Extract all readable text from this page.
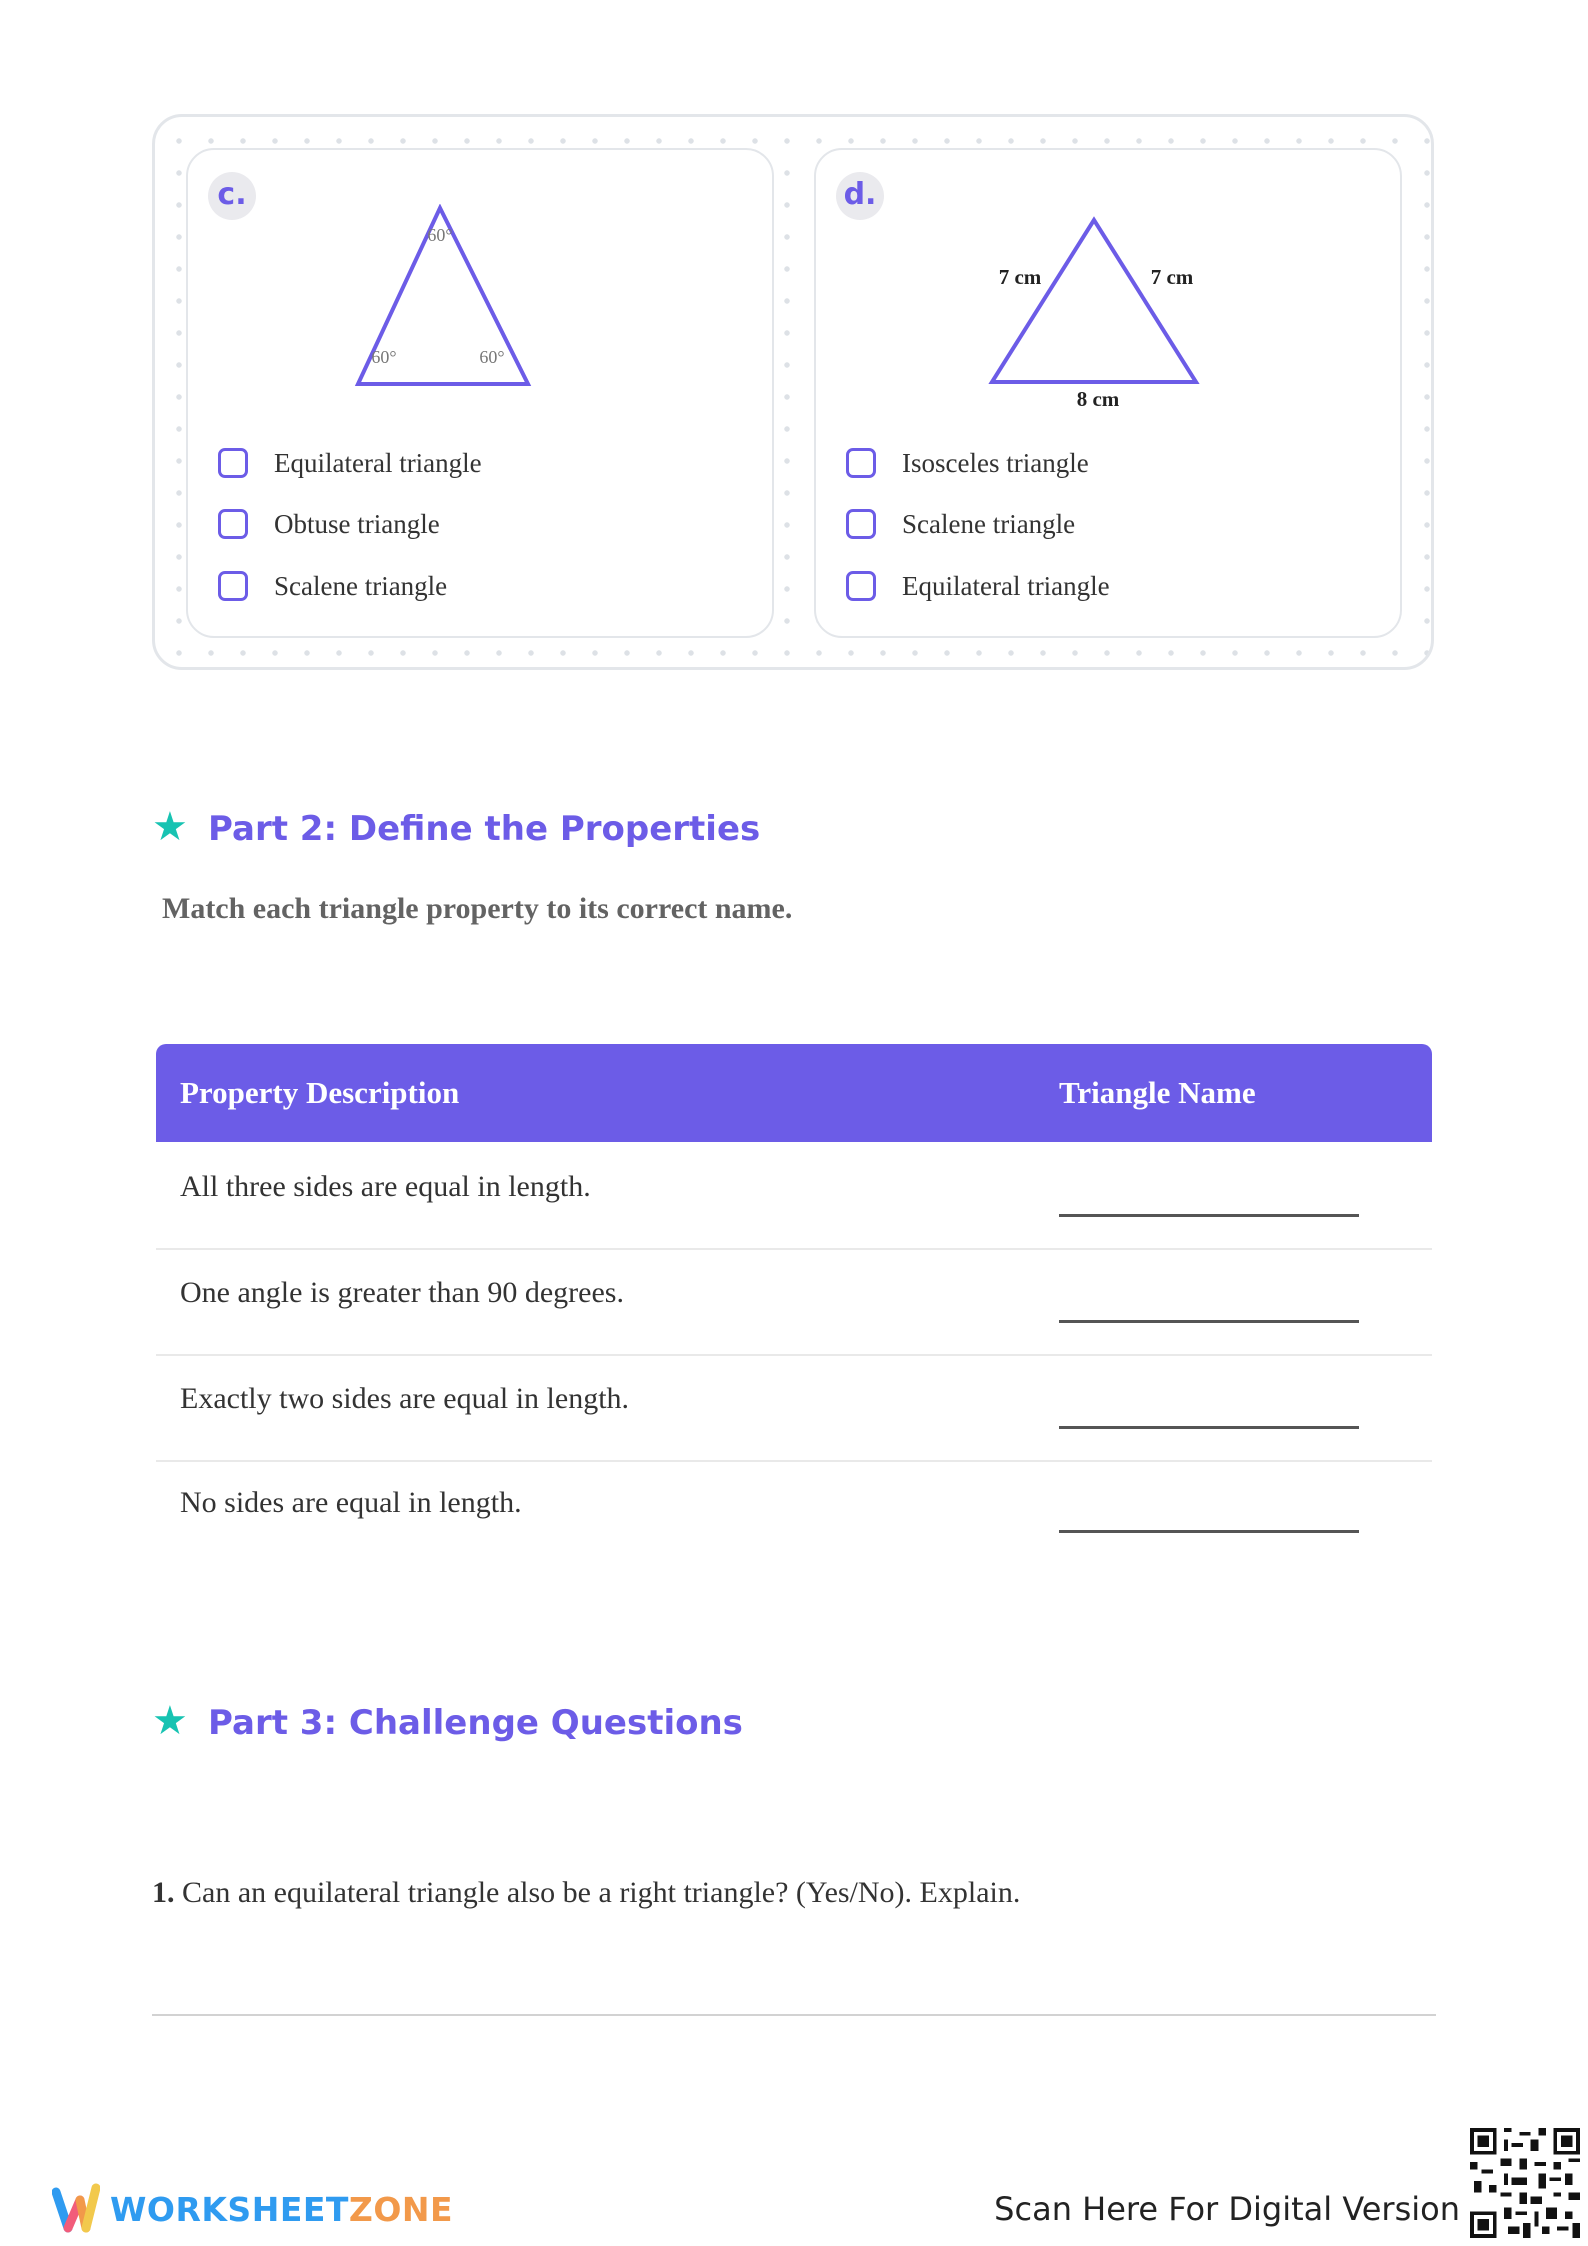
c.
60°
60°	60°
Equilateral triangle
Obtuse triangle
Scalene triangle
d.
7 cm	7 cm
8 cm
Isosceles triangle
Scalene triangle
Equilateral triangle
★ Part 2: Define the Properties
Match each triangle property to its correct name.
Property Description	Triangle Name
All three sides are equal in length.
One angle is greater than 90 degrees.
Exactly two sides are equal in length.
No sides are equal in length.
★ Part 3: Challenge Questions
1. Can an equilateral triangle also be a right triangle? (Yes/No). Explain.
WORKSHEETZONE	Scan Here For Digital Version
